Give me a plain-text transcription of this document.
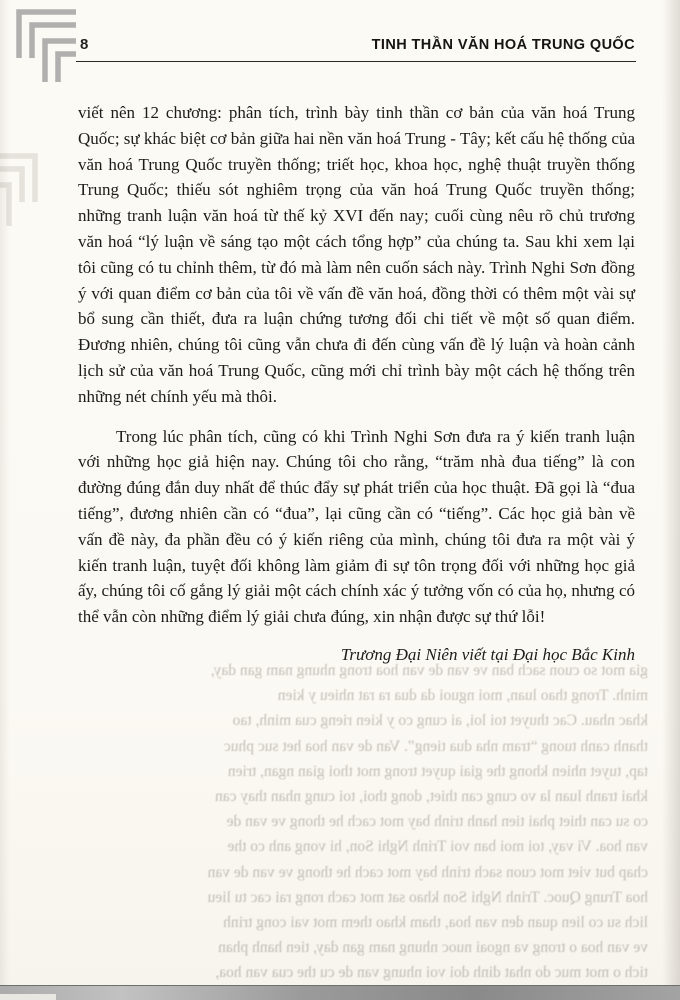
8	TINH THẦN VĂN HOÁ TRUNG QUỐC

viết nên 12 chương: phân tích, trình bày tinh thần cơ bản của văn hoá Trung Quốc; sự khác biệt cơ bản giữa hai nền văn hoá Trung - Tây; kết cấu hệ thống của văn hoá Trung Quốc truyền thống; triết học, khoa học, nghệ thuật truyền thống Trung Quốc; thiếu sót nghiêm trọng của văn hoá Trung Quốc truyền thống; những tranh luận văn hoá từ thế kỷ XVI đến nay; cuối cùng nêu rõ chủ trương văn hoá “lý luận về sáng tạo một cách tổng hợp” của chúng ta. Sau khi xem lại tôi cũng có tu chỉnh thêm, từ đó mà làm nên cuốn sách này. Trình Nghi Sơn đồng ý với quan điểm cơ bản của tôi về vấn đề văn hoá, đồng thời có thêm một vài sự bổ sung cần thiết, đưa ra luận chứng tương đối chi tiết về một số quan điểm. Đương nhiên, chúng tôi cũng vẫn chưa đi đến cùng vấn đề lý luận và hoàn cảnh lịch sử của văn hoá Trung Quốc, cũng mới chỉ trình bày một cách hệ thống trên những nét chính yếu mà thôi.

Trong lúc phân tích, cũng có khi Trình Nghi Sơn đưa ra ý kiến tranh luận với những học giả hiện nay. Chúng tôi cho rằng, “trăm nhà đua tiếng” là con đường đúng đắn duy nhất để thúc đẩy sự phát triển của học thuật. Đã gọi là “đua tiếng”, đương nhiên cần có “đua”, lại cũng cần có “tiếng”. Các học giả bàn về vấn đề này, đa phần đều có ý kiến riêng của mình, chúng tôi đưa ra một vài ý kiến tranh luận, tuyệt đối không làm giảm đi sự tôn trọng đối với những học giả ấy, chúng tôi cố gắng lý giải một cách chính xác ý tưởng vốn có của họ, nhưng có thể vẫn còn những điểm lý giải chưa đúng, xin nhận được sự thứ lỗi!

Trương Đại Niên viết tại Đại học Bắc Kinh
gia mot so cuon sach ban ve van de van hoa trong nhung nam gan day,
minh. Trong thao luan, moi nguoi da dua ra rat nhieu y kien
khac nhau. Cac thuyet toi loi, ai cung co y kien rieng cua minh, tao
thanh canh tuong “tram nha dua tieng”. Van de van hoa het suc phuc
tap, tuyet nhien khong the giai quyet trong mot thoi gian ngan, trien
khai tranh luan la vo cung can thiet, dong thoi, toi cung nhan thay can
co su can thiet phai tien hanh trinh bay mot cach he thong ve van de
van hoa. Vi vay, toi moi ban voi Trinh Nghi Son, hi vong anh co the
chap but viet mot cuon sach trinh bay mot cach he thong ve van de van
hoa Trung Quoc. Trinh Nghi Son khao sat mot cach rong rai cac tu lieu
lich su co lien quan den van hoa, tham khao them mot vai cong trinh
ve van hoa o trong va ngoai nuoc nhung nam gan day, tien hanh phan
tich o mot muc do nhat dinh doi voi nhung van de cu the cua van hoa,
